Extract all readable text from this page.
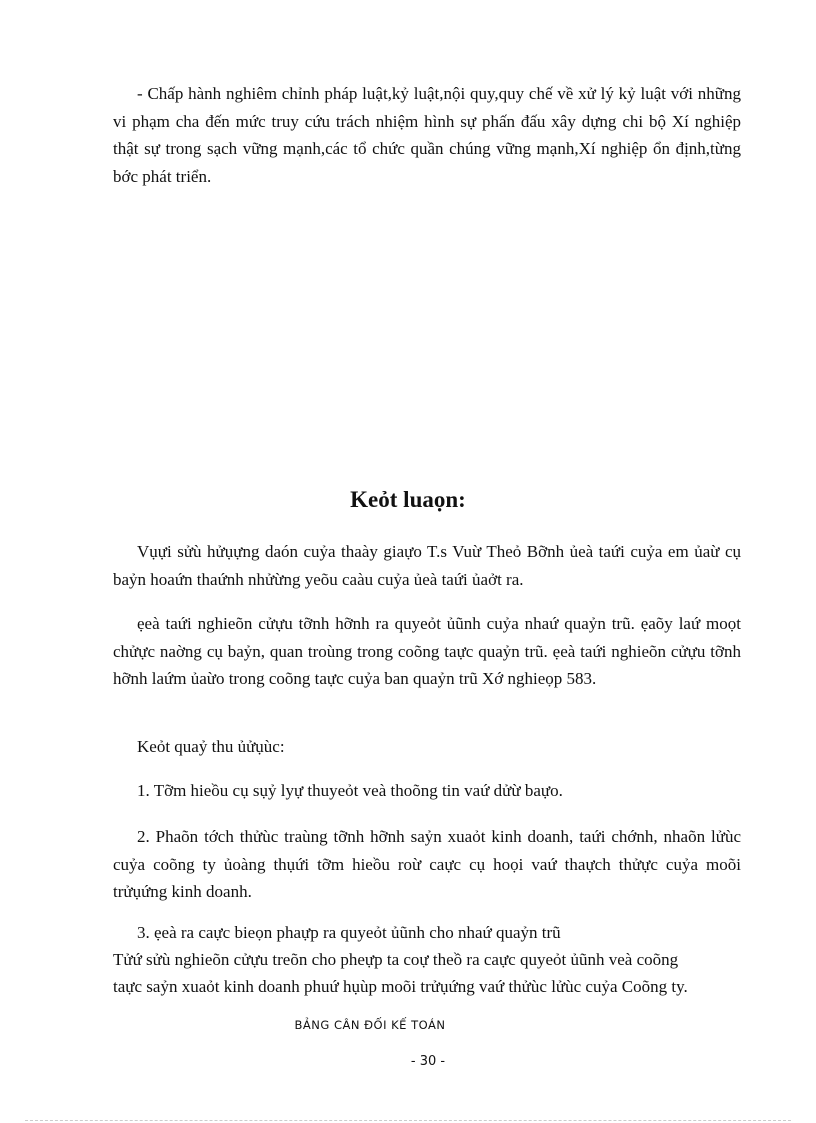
- Chấp hành nghiêm chỉnh pháp luật,kỷ luật,nội quy,quy chế về xử lý kỷ luật với những vi phạm cha đến mức truy cứu trách nhiệm hình sự phấn đấu xây dựng chi bộ Xí nghiệp thật sự trong sạch vững mạnh,các tổ chức quần chúng vững mạnh,Xí nghiệp ổn định,từng bớc phát triển.

Keỏt luaọn:

Vụựi sửù hửụựng daón cuỷa thaày giaựo T.s Vuừ Theỏ Bỡnh ủeà taứi cuỷa em ủaừ cụ baỷn hoaứn thaứnh nhửừng yeõu caàu cuỷa ủeà taứi ủaởt ra.

ẹeà taứi nghieõn cửựu tỡnh hỡnh ra quyeỏt ủũnh cuỷa nhaứ quaỷn trũ. ẹaõy laứ moọt chửực naờng cụ baỷn, quan troùng trong coõng taực quaỷn trũ. ẹeà taứi nghieõn cửựu tỡnh hỡnh laứm ủaừo trong coõng taực cuỷa ban quaỷn trũ Xớ nghieọp 583.

Keỏt quaỷ thu ủửụùc:

1. Tỡm hieồu cụ sụỷ lyự thuyeỏt veà thoõng tin vaứ dửừ baựo.

2. Phaõn tớch thửùc traùng tỡnh hỡnh saỷn xuaỏt kinh doanh, taứi chớnh, nhaõn lửùc cuỷa coõng ty ủoàng thụứi tỡm hieồu roừ caực cụ hoọi vaứ thaựch thửực cuỷa moõi trửụứng kinh doanh.

3. ẹeà ra caực bieọn phaựp ra quyeỏt ủũnh cho nhaứ quaỷn trũ

Tửứ sửù nghieõn cửựu treõn cho pheựp ta coự theồ ra caực quyeỏt ủũnh veà coõng

taực saỷn xuaỏt kinh doanh phuứ hụùp moõi trửụứng vaứ thửùc lửùc cuỷa Coõng ty.

BẢNG CÂN ĐỐI KẾ TOÁN

- 30 -
